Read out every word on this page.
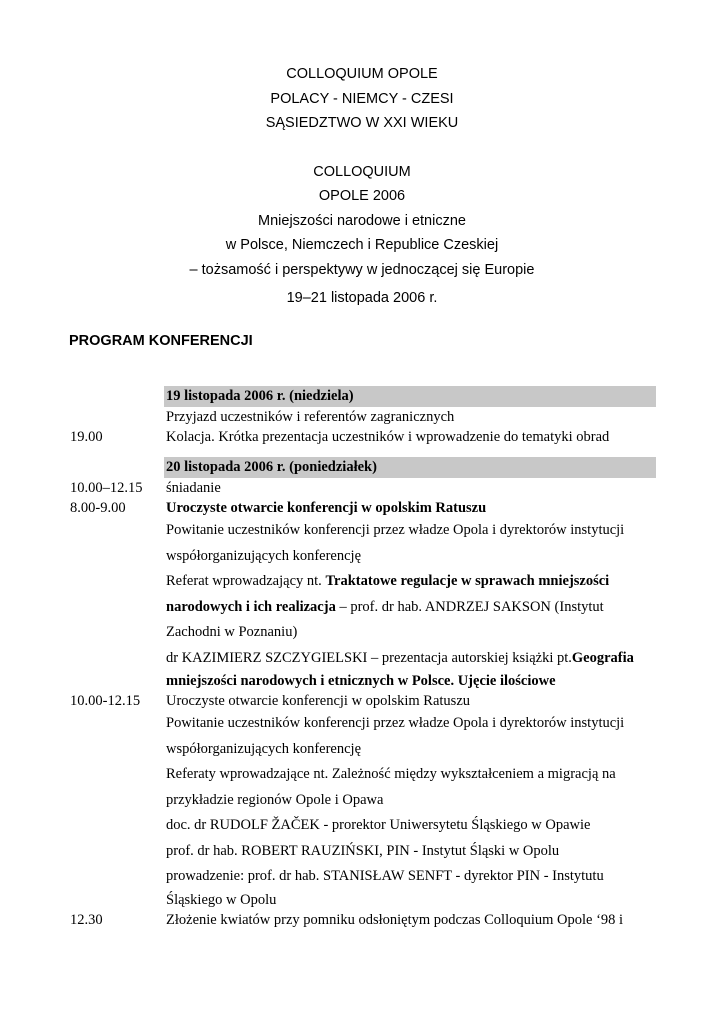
COLLOQUIUM OPOLE
POLACY - NIEMCY - CZESI
SĄSIEDZTWO W XXI WIEKU
COLLOQUIUM
OPOLE 2006
Mniejszości narodowe i etniczne
w Polsce, Niemczech i Republice Czeskiej
– tożsamość i perspektywy w jednoczącej się Europie
19–21 listopada 2006 r.
PROGRAM KONFERENCJI
19 listopada 2006 r. (niedziela)
Przyjazd uczestników i referentów zagranicznych
19.00	Kolacja. Krótka prezentacja uczestników i wprowadzenie do tematyki obrad
20 listopada 2006 r. (poniedziałek)
10.00–12.15	śniadanie
8.00-9.00	Uroczyste otwarcie konferencji w opolskim Ratuszu
Powitanie uczestników konferencji przez władze Opola i dyrektorów instytucji
współorganizujących konferencję
Referat wprowadzający nt. Traktatowe regulacje w sprawach mniejszości
narodowych i ich realizacja – prof. dr hab. ANDRZEJ SAKSON (Instytut
Zachodni w Poznaniu)
dr KAZIMIERZ SZCZYGIELSKI – prezentacja autorskiej książki pt.Geografia
mniejszości narodowych i etnicznych w Polsce. Ujęcie ilościowe
10.00-12.15	Uroczyste otwarcie konferencji w opolskim Ratuszu
Powitanie uczestników konferencji przez władze Opola i dyrektorów instytucji
współorganizujących konferencję
Referaty wprowadzające nt. Zależność między wykształceniem a migracją na
przykładzie regionów Opole i Opawa
doc. dr RUDOLF ŽAČEK - prorektor Uniwersytetu Śląskiego w Opawie
prof. dr hab. ROBERT RAUZIŃSKI, PIN - Instytut Śląski w Opolu
prowadzenie: prof. dr hab. STANISŁAW SENFT - dyrektor PIN - Instytutu
Śląskiego w Opolu
12.30	Złożenie kwiatów przy pomniku odsłoniętym podczas Colloquium Opole ‘98 i
